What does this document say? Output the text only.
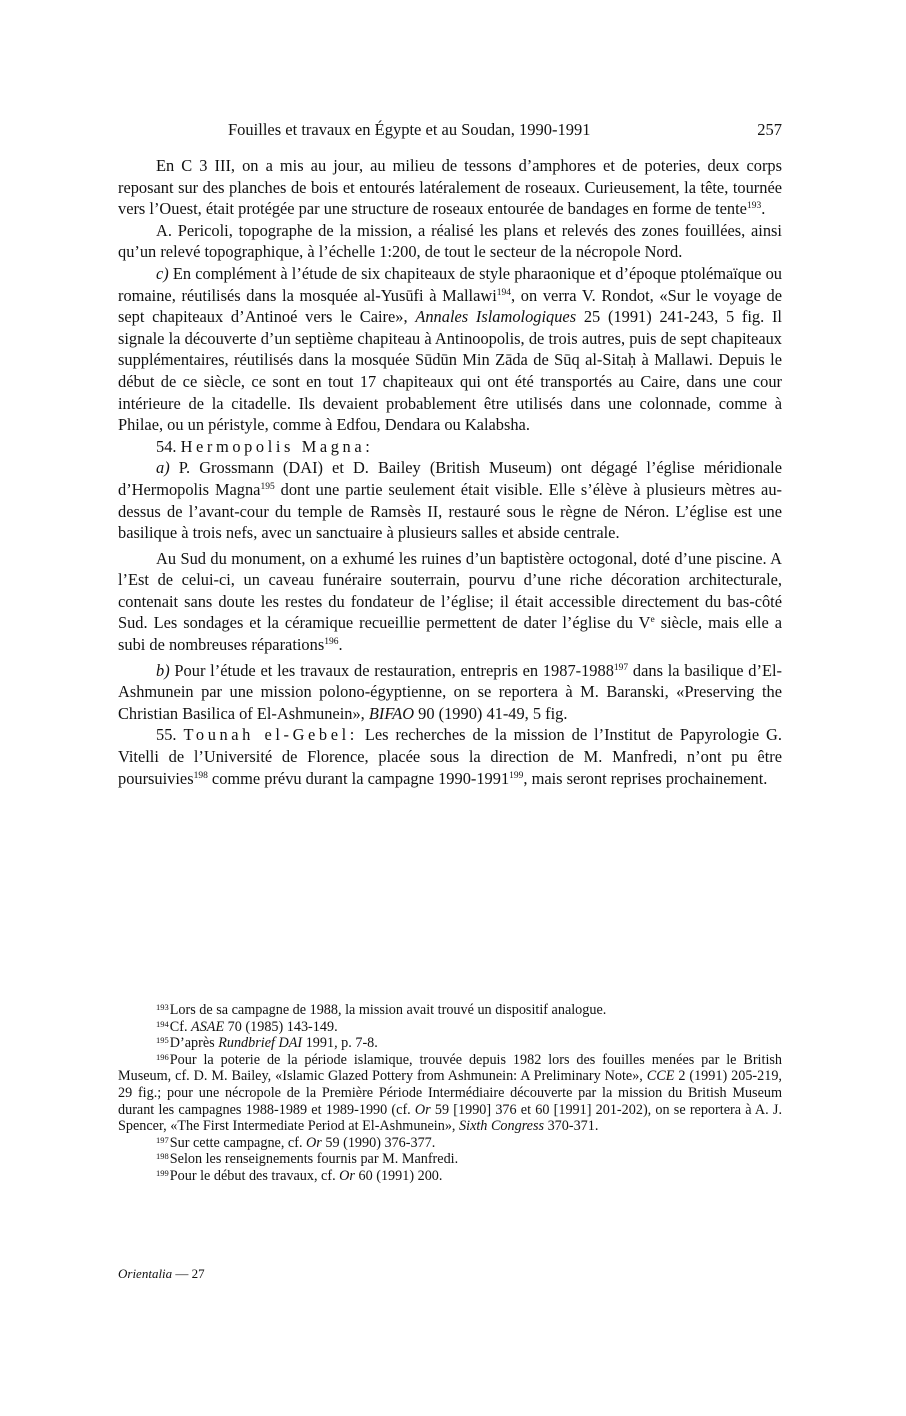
Fouilles et travaux en Égypte et au Soudan, 1990-1991	257

En C 3 III, on a mis au jour, au milieu de tessons d’amphores et de poteries, deux corps reposant sur des planches de bois et entourés latéralement de roseaux. Curieusement, la tête, tournée vers l’Ouest, était protégée par une structure de roseaux entourée de bandages en forme de tente$^{193}$.

A. Pericoli, topographe de la mission, a réalisé les plans et relevés des zones fouillées, ainsi qu’un relevé topographique, à l’échelle 1:200, de tout le secteur de la nécropole Nord.

c) En complément à l’étude de six chapiteaux de style pharaonique et d’époque ptolémaïque ou romaine, réutilisés dans la mosquée al-Yusūfi à Mallawi$^{194}$, on verra V. Rondot, «Sur le voyage de sept chapiteaux d’Antinoé vers le Caire», Annales Islamologiques 25 (1991) 241-243, 5 fig. Il signale la découverte d’un septième chapiteau à Antinoopolis, de trois autres, puis de sept chapiteaux supplémentaires, réutilisés dans la mosquée Sūdūn Min Zāda de Sūq al-Sitaḥ à Mallawi. Depuis le début de ce siècle, ce sont en tout 17 chapiteaux qui ont été transportés au Caire, dans une cour intérieure de la citadelle. Ils devaient probablement être utilisés dans une colonnade, comme à Philae, ou un péristyle, comme à Edfou, Dendara ou Kalabsha.

54. Hermopolis Magna:

a) P. Grossmann (DAI) et D. Bailey (British Museum) ont dégagé l’église méridionale d’Hermopolis Magna$^{195}$ dont une partie seulement était visible. Elle s’élève à plusieurs mètres au-dessus de l’avant-cour du temple de Ramsès II, restauré sous le règne de Néron. L’église est une basilique à trois nefs, avec un sanctuaire à plusieurs salles et abside centrale.

Au Sud du monument, on a exhumé les ruines d’un baptistère octogonal, doté d’une piscine. A l’Est de celui-ci, un caveau funéraire souterrain, pourvu d’une riche décoration architecturale, contenait sans doute les restes du fondateur de l’église; il était accessible directement du bas-côté Sud. Les sondages et la céramique recueillie permettent de dater l’église du Ve siècle, mais elle a subi de nombreuses réparations$^{196}$.

b) Pour l’étude et les travaux de restauration, entrepris en 1987-1988$^{197}$ dans la basilique d’El-Ashmunein par une mission polono-égyptienne, on se reportera à M. Baranski, «Preserving the Christian Basilica of El-Ashmunein», BIFAO 90 (1990) 41-49, 5 fig.

55. Tounah el-Gebel: Les recherches de la mission de l’Institut de Papyrologie G. Vitelli de l’Université de Florence, placée sous la direction de M. Manfredi, n’ont pu être poursuivies$^{198}$ comme prévu durant la campagne 1990-1991$^{199}$, mais seront reprises prochainement.

$^{193}$Lors de sa campagne de 1988, la mission avait trouvé un dispositif analogue.

$^{194}$Cf. ASAE 70 (1985) 143-149.

$^{195}$D’après Rundbrief DAI 1991, p. 7-8.

$^{196}$Pour la poterie de la période islamique, trouvée depuis 1982 lors des fouilles menées par le British Museum, cf. D. M. Bailey, «Islamic Glazed Pottery from Ashmunein: A Preliminary Note», CCE 2 (1991) 205-219, 29 fig.; pour une nécropole de la Première Période Intermédiaire découverte par la mission du British Museum durant les campagnes 1988-1989 et 1989-1990 (cf. Or 59 [1990] 376 et 60 [1991] 201-202), on se reportera à A. J. Spencer, «The First Intermediate Period at El-Ashmunein», Sixth Congress 370-371.

$^{197}$Sur cette campagne, cf. Or 59 (1990) 376-377.

$^{198}$Selon les renseignements fournis par M. Manfredi.

$^{199}$Pour le début des travaux, cf. Or 60 (1991) 200.

Orientalia — 27
